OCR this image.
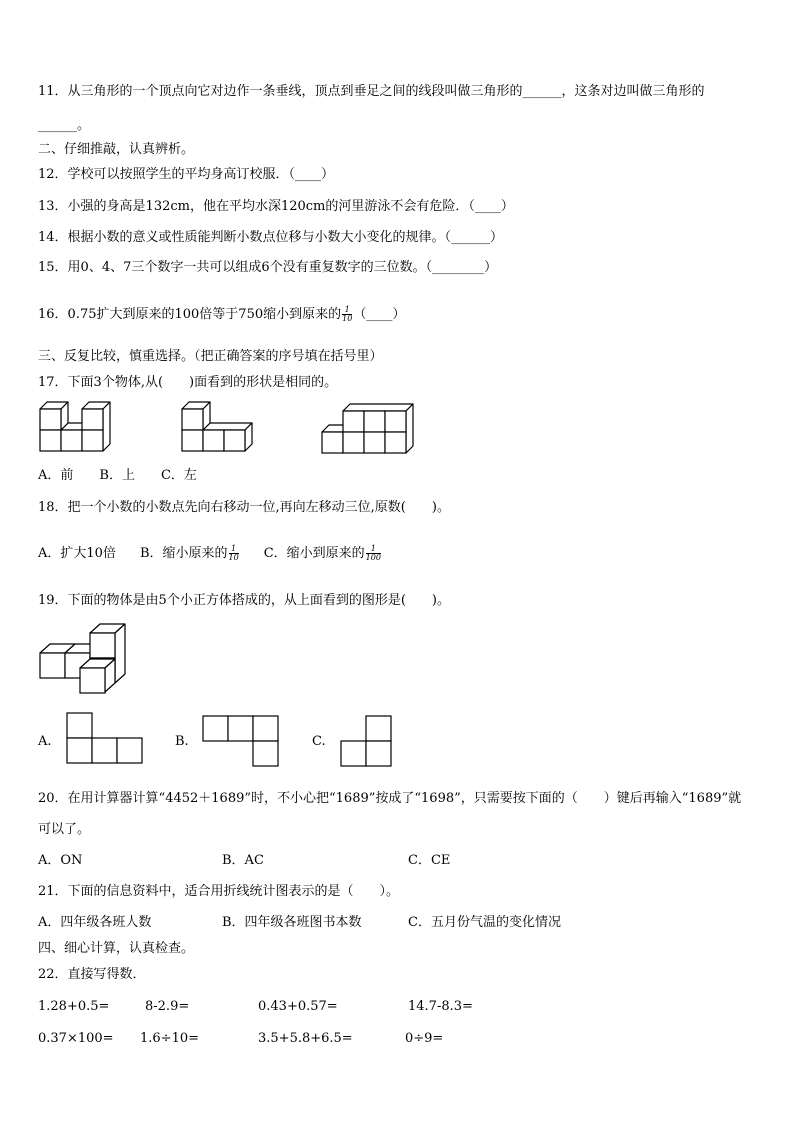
11．从三角形的一个顶点向它对边作一条垂线，顶点到垂足之间的线段叫做三角形的______，这条对边叫做三角形的
______。
二、仔细推敲，认真辨析。
12．学校可以按照学生的平均身高订校服．（____）
13．小强的身高是132cm，他在平均水深120cm的河里游泳不会有危险．（____）
14．根据小数的意义或性质能判断小数点位移与小数大小变化的规律。（______）
15．用0、4、7三个数字一共可以组成6个没有重复数字的三位数。（________）
16．0.75扩大到原来的100倍等于750缩小到原来的 $\frac{1}{10}$ （____）
三、反复比较，慎重选择。（把正确答案的序号填在括号里）
17．下面3个物体,从(　　)面看到的形状是相同的。
A．前　　B．上　　C．左
18．把一个小数的小数点先向右移动一位,再向左移动三位,原数(　　)。
A．扩大10倍 B．缩小原来的 $\frac{1}{10}$ C．缩小到原来的 $\frac{1}{100}$
19．下面的物体是由5个小正方体搭成的，从上面看到的图形是(　　)。
A.	B.	C.
20．在用计算器计算“4452＋1689”时，不小心把“1689”按成了“1698”，只需要按下面的（　　）键后再输入“1689”就
可以了。
A．ON	B．AC	C．CE
21．下面的信息资料中，适合用折线统计图表示的是（　　）。
A．四年级各班人数	B．四年级各班图书本数	C．五月份气温的变化情况
四、细心计算，认真检查。
22．直接写得数．
1.28+0.5=	8-2.9=	0.43+0.57=	14.7-8.3=
0.37×100= 1.6÷10=	3.5+5.8+6.5=	0÷9=
